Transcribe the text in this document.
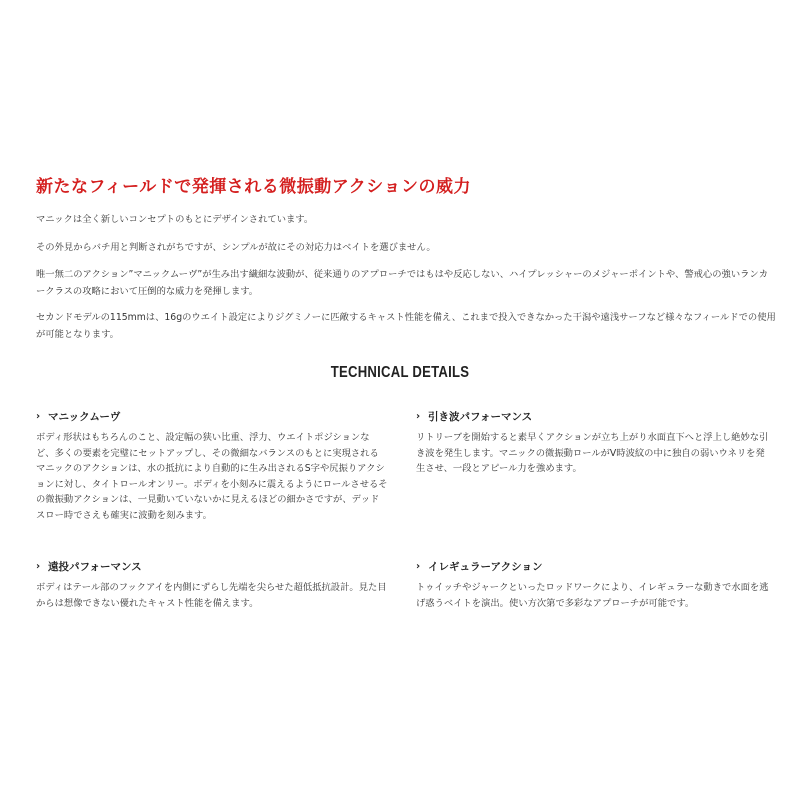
新たなフィールドで発揮される微振動アクションの威力

マニックは全く新しいコンセプトのもとにデザインされています。

その外見からバチ用と判断されがちですが、シンプルが故にその対応力はベイトを選びません。

唯一無二のアクション”マニックムーヴ”が生み出す繊細な波動が、従来通りのアプローチではもはや反応しない、ハイプレッシャーのメジャーポイントや、警戒心の強いランカークラスの攻略において圧倒的な威力を発揮します。

セカンドモデルの115mmは、16gのウエイト設定によりジグミノーに匹敵するキャスト性能を備え、これまで投入できなかった干潟や遠浅サーフなど様々なフィールドでの使用が可能となります。

TECHNICAL DETAILS
› マニックムーヴ

ボディ形状はもちろんのこと、設定幅の狭い比重、浮力、ウエイトポジションなど、多くの要素を完璧にセットアップし、その微細なバランスのもとに実現されるマニックのアクションは、水の抵抗により自動的に生み出されるS字や尻振りアクションに対し、タイトロールオンリー。ボディを小刻みに震えるようにロールさせるその微振動アクションは、一見動いていないかに見えるほどの細かさですが、デッドスロー時でさえも確実に波動を刻みます。

› 引き波パフォーマンス

リトリーブを開始すると素早くアクションが立ち上がり水面直下へと浮上し絶妙な引き波を発生します。マニックの微振動ロールがV時波紋の中に独自の弱いウネリを発生させ、一段とアピール力を強めます。

› 遠投パフォーマンス

ボディはテール部のフックアイを内側にずらし先端を尖らせた超低抵抗設計。見た目からは想像できない優れたキャスト性能を備えます。

› イレギュラーアクション

トゥイッチやジャークといったロッドワークにより、イレギュラーな動きで水面を逃げ惑うベイトを演出。使い方次第で多彩なアプローチが可能です。
